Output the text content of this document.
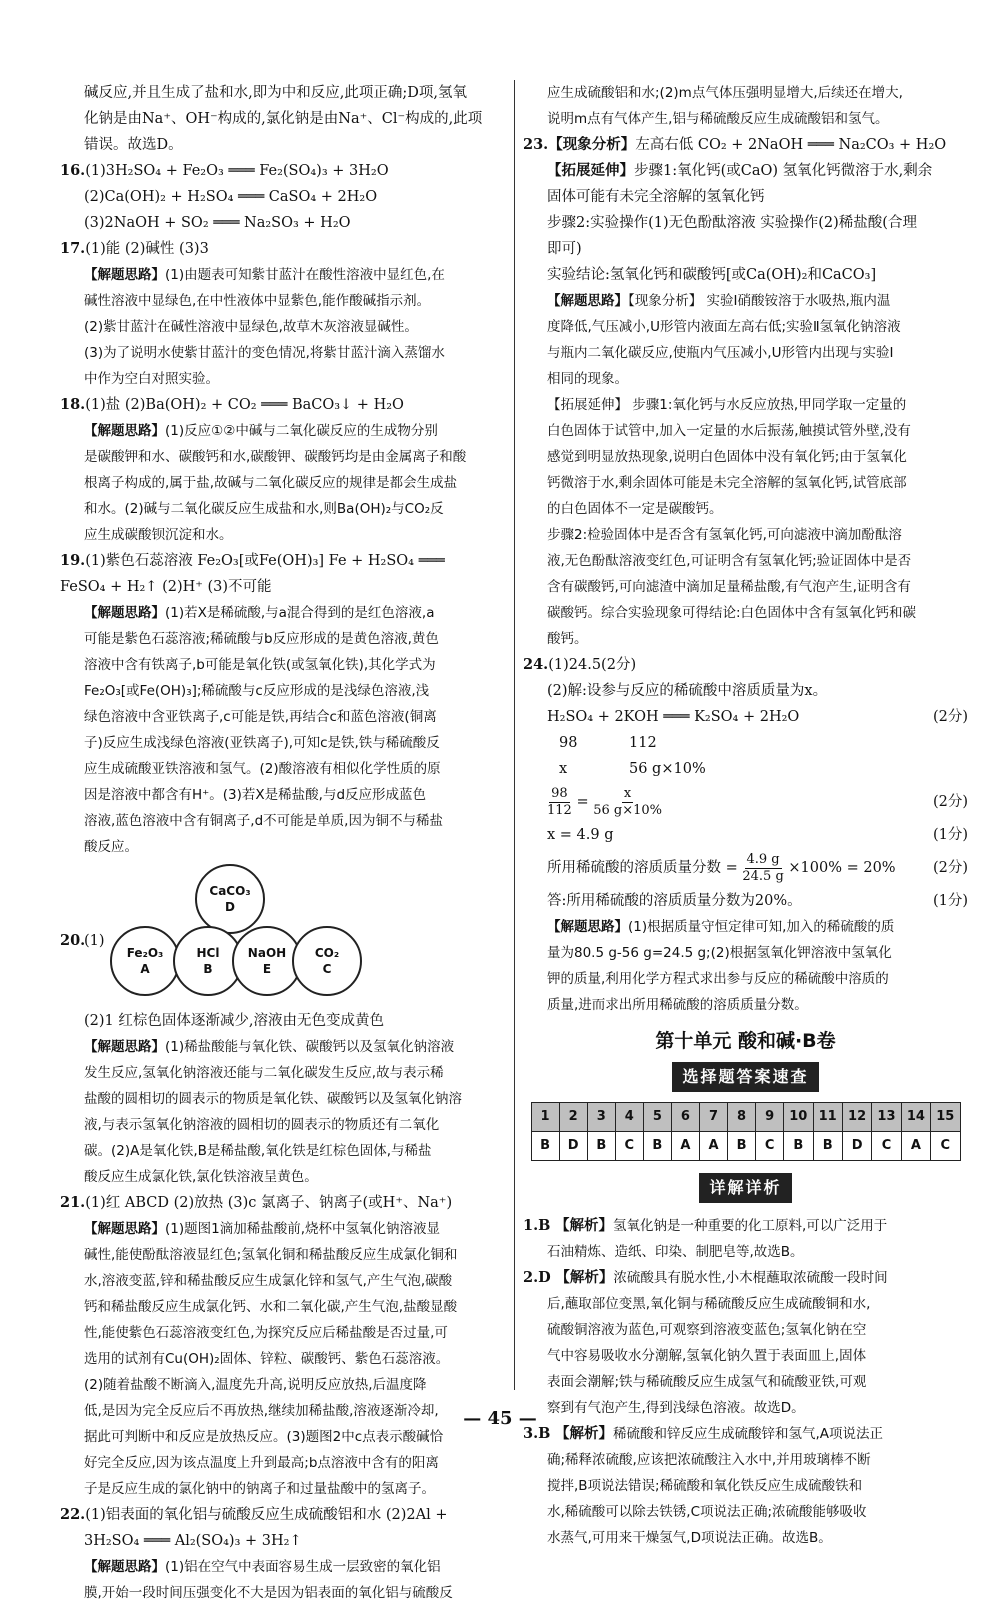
碱反应,并且生成了盐和水,即为中和反应,此项正确;D项,氢氧

化钠是由Na⁺、OH⁻构成的,氯化钠是由Na⁺、Cl⁻构成的,此项

错误。故选D。

16.(1)3H₂SO₄ + Fe₂O₃ ═══ Fe₂(SO₄)₃ + 3H₂O

(2)Ca(OH)₂ + H₂SO₄ ═══ CaSO₄ + 2H₂O

(3)2NaOH + SO₂ ═══ Na₂SO₃ + H₂O

17.(1)能 (2)碱性 (3)3

【解题思路】(1)由题表可知紫甘蓝汁在酸性溶液中显红色,在

碱性溶液中显绿色,在中性液体中显紫色,能作酸碱指示剂。

(2)紫甘蓝汁在碱性溶液中显绿色,故草木灰溶液显碱性。

(3)为了说明水使紫甘蓝汁的变色情况,将紫甘蓝汁滴入蒸馏水

中作为空白对照实验。

18.(1)盐 (2)Ba(OH)₂ + CO₂ ═══ BaCO₃↓ + H₂O

【解题思路】(1)反应①②中碱与二氧化碳反应的生成物分别

是碳酸钾和水、碳酸钙和水,碳酸钾、碳酸钙均是由金属离子和酸

根离子构成的,属于盐,故碱与二氧化碳反应的规律是都会生成盐

和水。(2)碱与二氧化碳反应生成盐和水,则Ba(OH)₂与CO₂反

应生成碳酸钡沉淀和水。

19.(1)紫色石蕊溶液 Fe₂O₃[或Fe(OH)₃] Fe + H₂SO₄ ═══

FeSO₄ + H₂↑ (2)H⁺ (3)不可能

【解题思路】(1)若X是稀硫酸,与a混合得到的是红色溶液,a

可能是紫色石蕊溶液;稀硫酸与b反应形成的是黄色溶液,黄色

溶液中含有铁离子,b可能是氧化铁(或氢氧化铁),其化学式为

Fe₂O₃[或Fe(OH)₃];稀硫酸与c反应形成的是浅绿色溶液,浅

绿色溶液中含亚铁离子,c可能是铁,再结合c和蓝色溶液(铜离

子)反应生成浅绿色溶液(亚铁离子),可知c是铁,铁与稀硫酸反

应生成硫酸亚铁溶液和氢气。(2)酸溶液有相似化学性质的原

因是溶液中都含有H⁺。(3)若X是稀盐酸,与d反应形成蓝色

溶液,蓝色溶液中含有铜离子,d不可能是单质,因为铜不与稀盐

酸反应。

20.
(1)
CaCO₃
D
Fe₂O₃
A
HCl
B
NaOH
E
CO₂
C

(2)1 红棕色固体逐渐减少,溶液由无色变成黄色

【解题思路】(1)稀盐酸能与氧化铁、碳酸钙以及氢氧化钠溶液

发生反应,氢氧化钠溶液还能与二氧化碳发生反应,故与表示稀

盐酸的圆相切的圆表示的物质是氧化铁、碳酸钙以及氢氧化钠溶

液,与表示氢氧化钠溶液的圆相切的圆表示的物质还有二氧化

碳。(2)A是氧化铁,B是稀盐酸,氧化铁是红棕色固体,与稀盐

酸反应生成氯化铁,氯化铁溶液呈黄色。

21.(1)红 ABCD (2)放热 (3)c 氯离子、钠离子(或H⁺、Na⁺)

【解题思路】(1)题图1滴加稀盐酸前,烧杯中氢氧化钠溶液显

碱性,能使酚酞溶液显红色;氢氧化铜和稀盐酸反应生成氯化铜和

水,溶液变蓝,锌和稀盐酸反应生成氯化锌和氢气,产生气泡,碳酸

钙和稀盐酸反应生成氯化钙、水和二氧化碳,产生气泡,盐酸显酸

性,能使紫色石蕊溶液变红色,为探究反应后稀盐酸是否过量,可

选用的试剂有Cu(OH)₂固体、锌粒、碳酸钙、紫色石蕊溶液。

(2)随着盐酸不断滴入,温度先升高,说明反应放热,后温度降

低,是因为完全反应后不再放热,继续加稀盐酸,溶液逐渐冷却,

据此可判断中和反应是放热反应。(3)题图2中c点表示酸碱恰

好完全反应,因为该点温度上升到最高;b点溶液中含有的阳离

子是反应生成的氯化钠中的钠离子和过量盐酸中的氢离子。

22.(1)铝表面的氧化铝与硫酸反应生成硫酸铝和水 (2)2Al +

3H₂SO₄ ═══ Al₂(SO₄)₃ + 3H₂↑

【解题思路】(1)铝在空气中表面容易生成一层致密的氧化铝

膜,开始一段时间压强变化不大是因为铝表面的氧化铝与硫酸反

应生成硫酸铝和水;(2)m点气体压强明显增大,后续还在增大,

说明m点有气体产生,铝与稀硫酸反应生成硫酸铝和氢气。

23.【现象分析】左高右低 CO₂ + 2NaOH ═══ Na₂CO₃ + H₂O

【拓展延伸】步骤1:氧化钙(或CaO) 氢氧化钙微溶于水,剩余

固体可能有未完全溶解的氢氧化钙

步骤2:实验操作(1)无色酚酞溶液 实验操作(2)稀盐酸(合理

即可)

实验结论:氢氧化钙和碳酸钙[或Ca(OH)₂和CaCO₃]

【解题思路】【现象分析】 实验Ⅰ硝酸铵溶于水吸热,瓶内温

度降低,气压减小,U形管内液面左高右低;实验Ⅱ氢氧化钠溶液

与瓶内二氧化碳反应,使瓶内气压减小,U形管内出现与实验Ⅰ

相同的现象。

【拓展延伸】 步骤1:氧化钙与水反应放热,甲同学取一定量的

白色固体于试管中,加入一定量的水后振荡,触摸试管外壁,没有

感觉到明显放热现象,说明白色固体中没有氧化钙;由于氢氧化

钙微溶于水,剩余固体可能是未完全溶解的氢氧化钙,试管底部

的白色固体不一定是碳酸钙。

步骤2:检验固体中是否含有氢氧化钙,可向滤液中滴加酚酞溶

液,无色酚酞溶液变红色,可证明含有氢氧化钙;验证固体中是否

含有碳酸钙,可向滤渣中滴加足量稀盐酸,有气泡产生,证明含有

碳酸钙。综合实验现象可得结论:白色固体中含有氢氧化钙和碳

酸钙。

24.(1)24.5(2分)

(2)解:设参与反应的稀硫酸中溶质质量为x。

H₂SO₄ + 2KOH ═══ K₂SO₄ + 2H₂O	(2分)

98	112

x	56 g×10%

$\frac{98}{112} = \frac{x}{56 g\times 10\%}$	(2分)
x = 4.9 g	(1分)
所用稀硫酸的溶质质量分数 = $\frac{4.9 g}{24.5 g} \times 100\% = 20\%$	(2分)
答:所用稀硫酸的溶质质量分数为20%。	(1分)

【解题思路】(1)根据质量守恒定律可知,加入的稀硫酸的质

量为80.5 g-56 g=24.5 g;(2)根据氢氧化钾溶液中氢氧化

钾的质量,利用化学方程式求出参与反应的稀硫酸中溶质的

质量,进而求出所用稀硫酸的溶质质量分数。

第十单元 酸和碱·B卷
选择题答案速查
1	2	3	4	5	6	7	8	9	10	11	12	13	14	15
B	D	B	C	B	A	A	B	C	B	B	D	C	A	C
详解详析

1.B 【解析】氢氧化钠是一种重要的化工原料,可以广泛用于

石油精炼、造纸、印染、制肥皂等,故选B。

2.D 【解析】浓硫酸具有脱水性,小木棍蘸取浓硫酸一段时间

后,蘸取部位变黑,氧化铜与稀硫酸反应生成硫酸铜和水,

硫酸铜溶液为蓝色,可观察到溶液变蓝色;氢氧化钠在空

气中容易吸收水分潮解,氢氧化钠久置于表面皿上,固体

表面会潮解;铁与稀硫酸反应生成氢气和硫酸亚铁,可观

察到有气泡产生,得到浅绿色溶液。故选D。

3.B 【解析】稀硫酸和锌反应生成硫酸锌和氢气,A项说法正

确;稀释浓硫酸,应该把浓硫酸注入水中,并用玻璃棒不断

搅拌,B项说法错误;稀硫酸和氧化铁反应生成硫酸铁和

水,稀硫酸可以除去铁锈,C项说法正确;浓硫酸能够吸收

水蒸气,可用来干燥氢气,D项说法正确。故选B。

— 45 —
